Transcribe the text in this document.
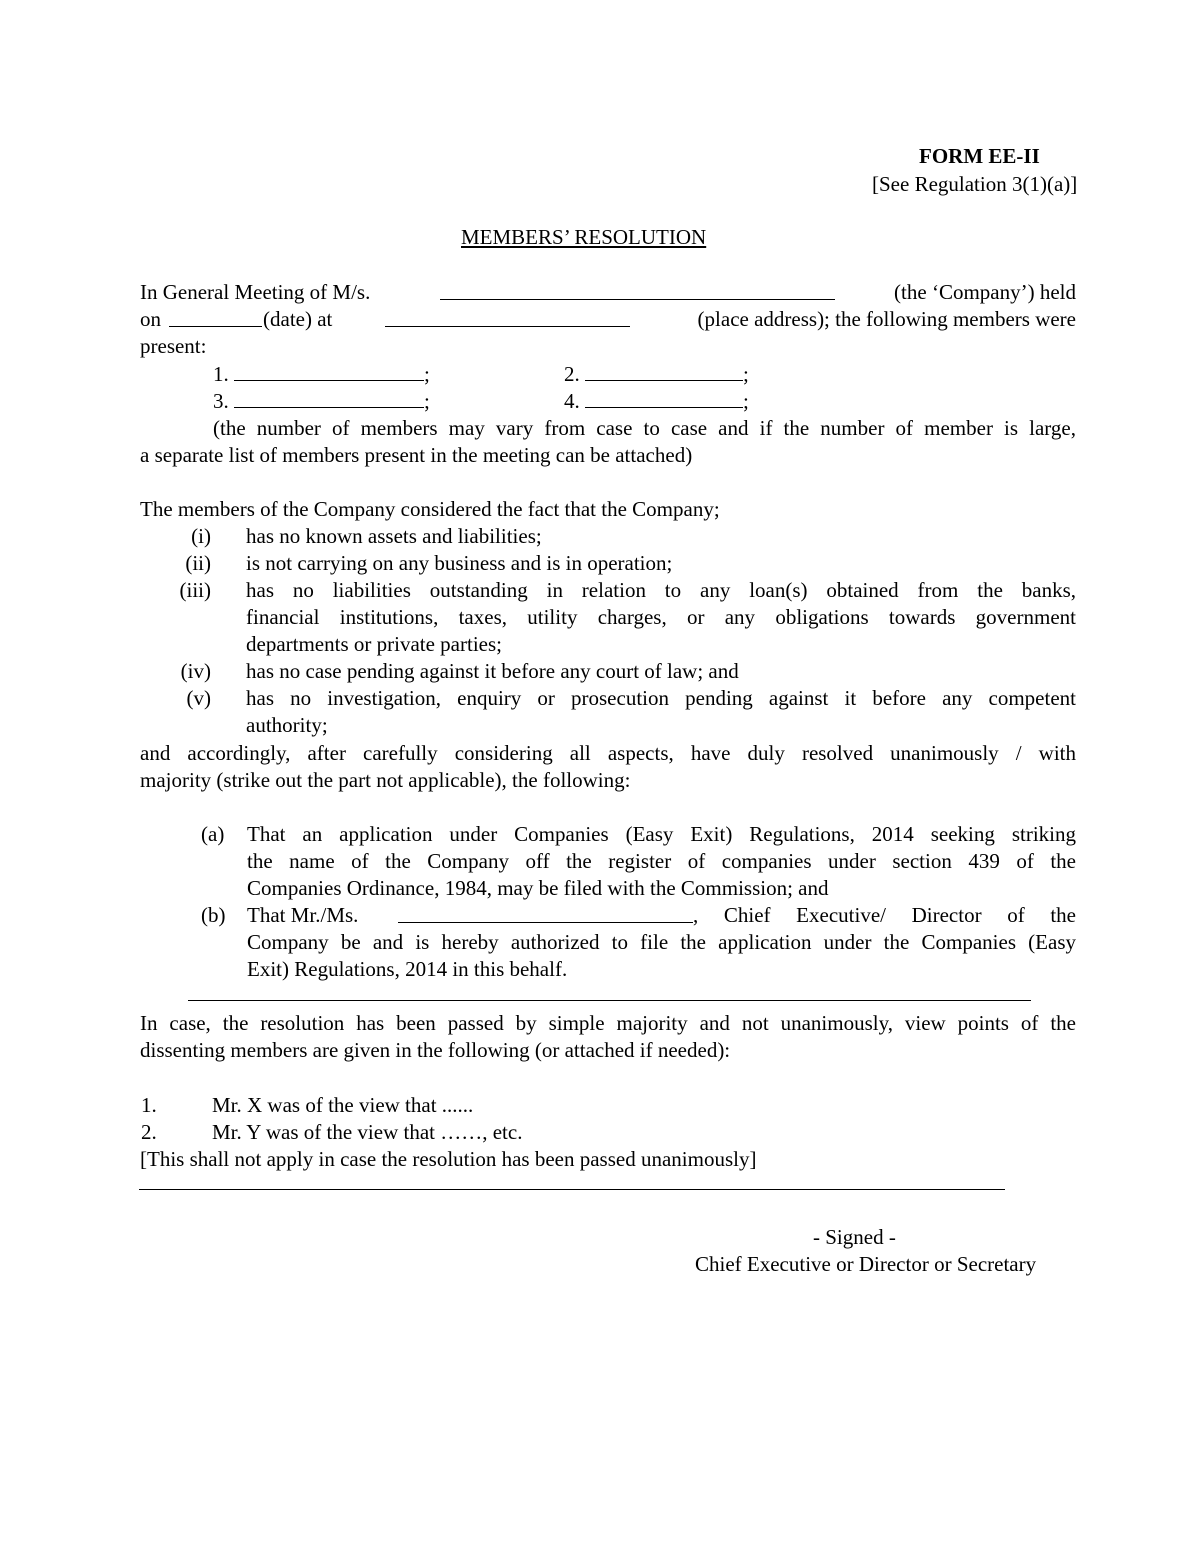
FORM EE-II
[See Regulation 3(1)(a)]
MEMBERS’ RESOLUTION
In General Meeting of M/s.	(the ‘Company’) held
on	(date) at	(place address); the following members were
present:
1.	;	2.	;
3.	;	4.	;
(the number of members may vary from case to case and if the number of member is large,
a separate list of members present in the meeting can be attached)
The members of the Company considered the fact that the Company;
(i) has no known assets and liabilities;
(ii) is not carrying on any business and is in operation;
(iii) has no liabilities outstanding in relation to any loan(s) obtained from the banks,
financial institutions, taxes, utility charges, or any obligations towards government
departments or private parties;
(iv) has no case pending against it before any court of law; and
(v) has no investigation, enquiry or prosecution pending against it before any competent
authority;
and accordingly, after carefully considering all aspects, have duly resolved unanimously / with
majority (strike out the part not applicable), the following:
(a) That an application under Companies (Easy Exit) Regulations, 2014 seeking striking
the name of the Company off the register of companies under section 439 of the
Companies Ordinance, 1984, may be filed with the Commission; and
(b) That Mr./Ms.	, Chief Executive/ Director of the
Company be and is hereby authorized to file the application under the Companies (Easy
Exit) Regulations, 2014 in this behalf.
In case, the resolution has been passed by simple majority and not unanimously, view points of the
dissenting members are given in the following (or attached if needed):
1.	Mr. X was of the view that ......
2.	Mr. Y was of the view that ……, etc.
[This shall not apply in case the resolution has been passed unanimously]
- Signed -
Chief Executive or Director or Secretary
